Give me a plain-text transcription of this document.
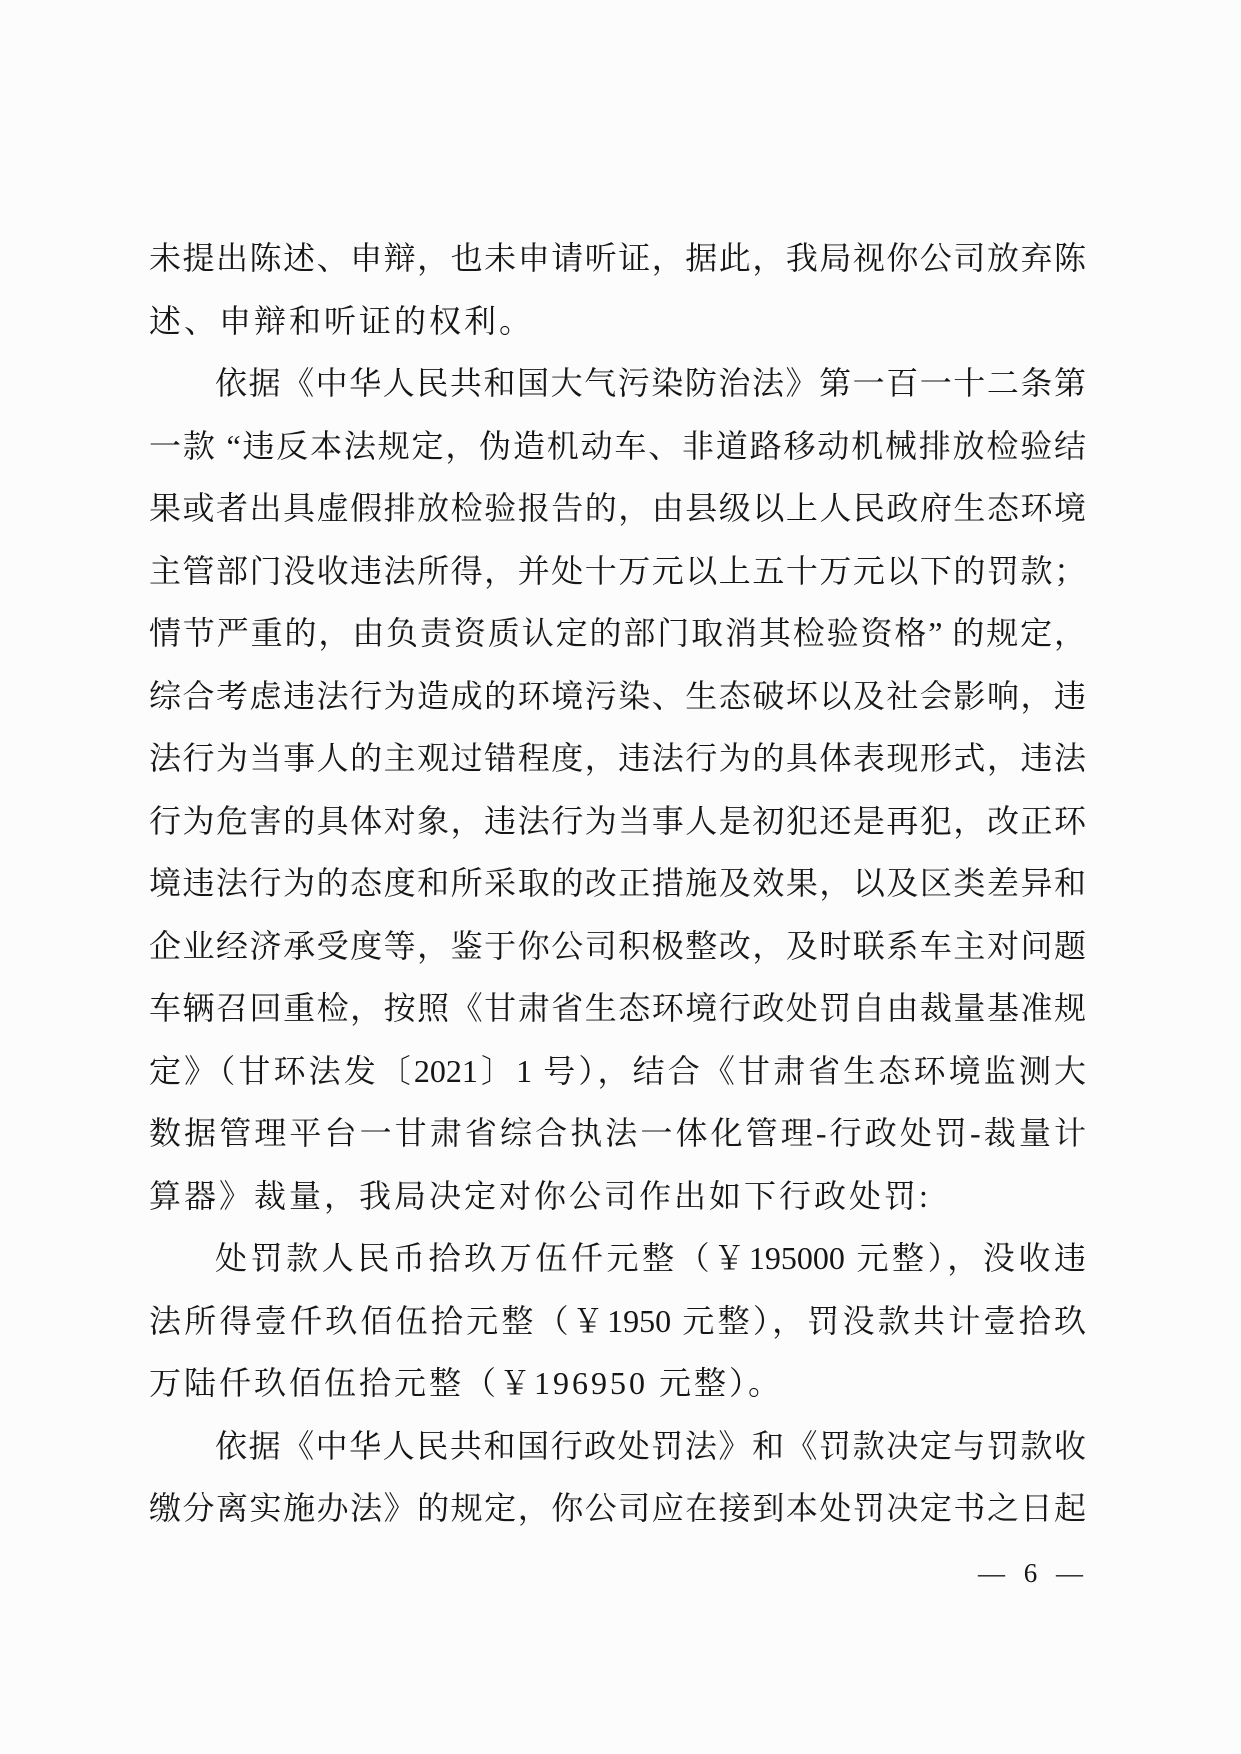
未提出陈述、申辩，也未申请听证，据此，我局视你公司放弃陈
述、申辩和听证的权利。
依据《中华人民共和国大气污染防治法》第一百一十二条第
一款 “违反本法规定，伪造机动车、非道路移动机械排放检验结
果或者出具虚假排放检验报告的，由县级以上人民政府生态环境
主管部门没收违法所得，并处十万元以上五十万元以下的罚款；
情节严重的，由负责资质认定的部门取消其检验资格” 的规定，
综合考虑违法行为造成的环境污染、生态破坏以及社会影响，违
法行为当事人的主观过错程度，违法行为的具体表现形式，违法
行为危害的具体对象，违法行为当事人是初犯还是再犯，改正环
境违法行为的态度和所采取的改正措施及效果，以及区类差异和
企业经济承受度等，鉴于你公司积极整改，及时联系车主对问题
车辆召回重检，按照《甘肃省生态环境行政处罚自由裁量基准规
定》（甘环法发〔2021〕1 号），结合《甘肃省生态环境监测大
数据管理平台一甘肃省综合执法一体化管理-行政处罚-裁量计
算器》裁量，我局决定对你公司作出如下行政处罚:
处罚款人民币拾玖万伍仟元整（￥195000 元整），没收违
法所得壹仟玖佰伍拾元整（￥1950 元整），罚没款共计壹拾玖
万陆仟玖佰伍拾元整（￥196950 元整）。
依据《中华人民共和国行政处罚法》和《罚款决定与罚款收
缴分离实施办法》的规定，你公司应在接到本处罚决定书之日起
— 6 —
